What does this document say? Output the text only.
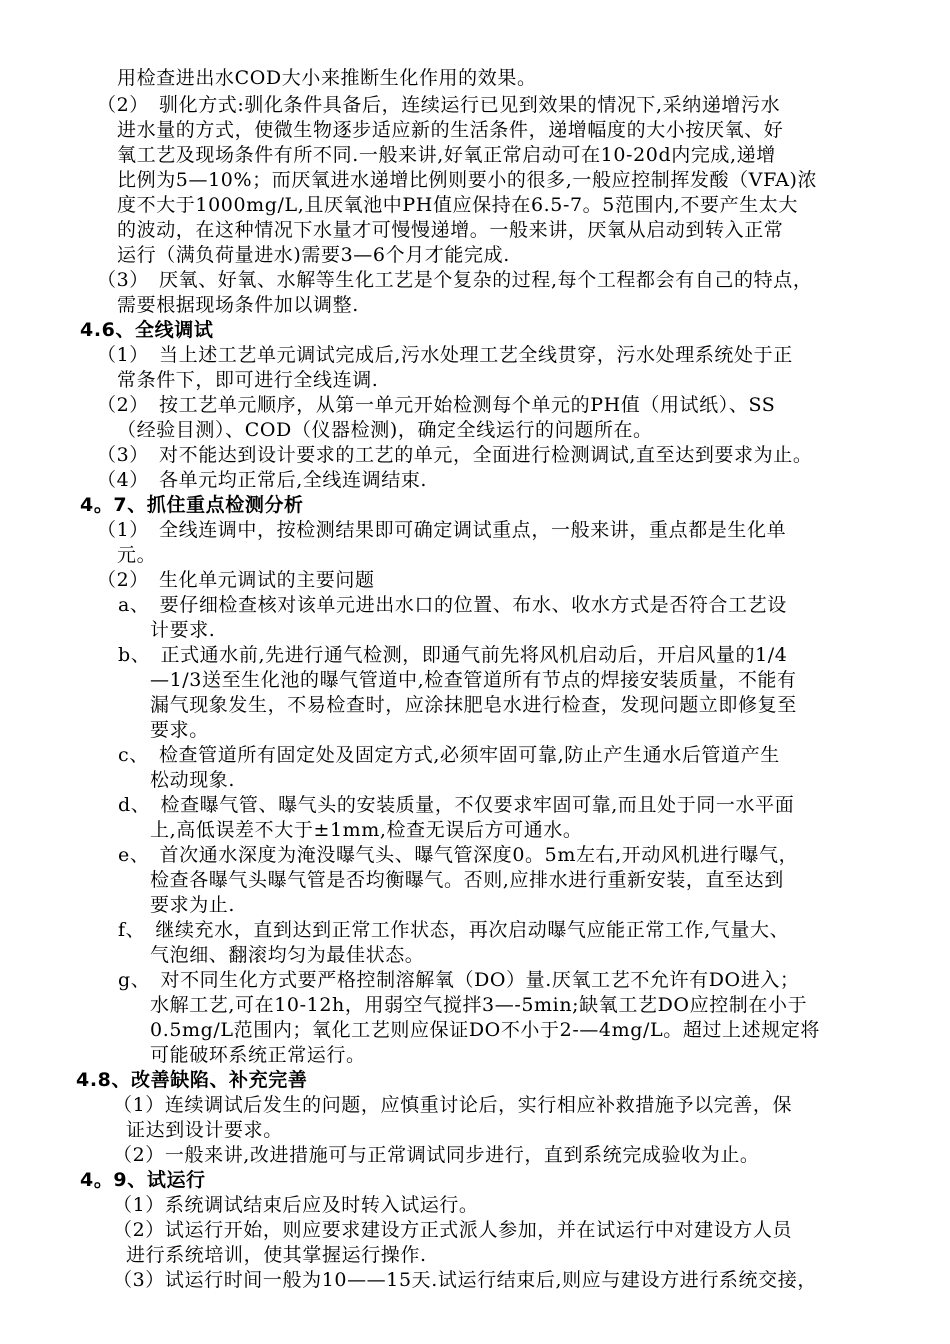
用检查进出水COD大小来推断生化作用的效果。
（2）　驯化方式:驯化条件具备后，连续运行已见到效果的情况下,采纳递增污水
进水量的方式，使微生物逐步适应新的生活条件，递增幅度的大小按厌氧、好
氧工艺及现场条件有所不同.一般来讲,好氧正常启动可在10-20d内完成,递增
比例为5—10%；而厌氧进水递增比例则要小的很多,一般应控制挥发酸（VFA)浓
度不大于1000mg/L,且厌氧池中PH值应保持在6.5-7。5范围内,不要产生太大
的波动，在这种情况下水量才可慢慢递增。一般来讲，厌氧从启动到转入正常
运行（满负荷量进水)需要3—6个月才能完成.
（3）　厌氧、好氧、水解等生化工艺是个复杂的过程,每个工程都会有自己的特点，
需要根据现场条件加以调整.
4.6、全线调试
（1）　当上述工艺单元调试完成后,污水处理工艺全线贯穿，污水处理系统处于正
常条件下，即可进行全线连调.
（2）　按工艺单元顺序，从第一单元开始检测每个单元的PH值（用试纸）、SS
（经验目测）、COD（仪器检测)，确定全线运行的问题所在。
（3）　对不能达到设计要求的工艺的单元，全面进行检测调试,直至达到要求为止。
（4）　各单元均正常后,全线连调结束.
4。7、抓住重点检测分析
（1）　全线连调中，按检测结果即可确定调试重点，一般来讲，重点都是生化单
元。
（2）　生化单元调试的主要问题
a、　要仔细检查核对该单元进出水口的位置、布水、收水方式是否符合工艺设
计要求.
b、　正式通水前,先进行通气检测，即通气前先将风机启动后，开启风量的1/4
—1/3送至生化池的曝气管道中,检查管道所有节点的焊接安装质量，不能有
漏气现象发生，不易检查时，应涂抹肥皂水进行检查，发现问题立即修复至
要求。
c、　检查管道所有固定处及固定方式,必须牢固可靠,防止产生通水后管道产生
松动现象.
d、　检查曝气管、曝气头的安装质量，不仅要求牢固可靠,而且处于同一水平面
上,高低误差不大于±1mm,检查无误后方可通水。
e、　首次通水深度为淹没曝气头、曝气管深度0。5m左右,开动风机进行曝气，
检查各曝气头曝气管是否均衡曝气。否则,应排水进行重新安装，直至达到
要求为止.
f、　继续充水，直到达到正常工作状态，再次启动曝气应能正常工作,气量大、
气泡细、翻滚均匀为最佳状态。
g、　对不同生化方式要严格控制溶解氧（DO）量.厌氧工艺不允许有DO进入；
水解工艺,可在10-12h，用弱空气搅拌3—-5min;缺氧工艺DO应控制在小于
0.5mg/L范围内；氧化工艺则应保证DO不小于2-—4mg/L。超过上述规定将
可能破环系统正常运行。
4.8、改善缺陷、补充完善
（1）连续调试后发生的问题，应慎重讨论后，实行相应补救措施予以完善，保
证达到设计要求。
（2）一般来讲,改进措施可与正常调试同步进行，直到系统完成验收为止。
4。9、试运行
（1）系统调试结束后应及时转入试运行。
（2）试运行开始，则应要求建设方正式派人参加，并在试运行中对建设方人员
进行系统培训，使其掌握运行操作.
（3）试运行时间一般为10——15天.试运行结束后,则应与建设方进行系统交接，
